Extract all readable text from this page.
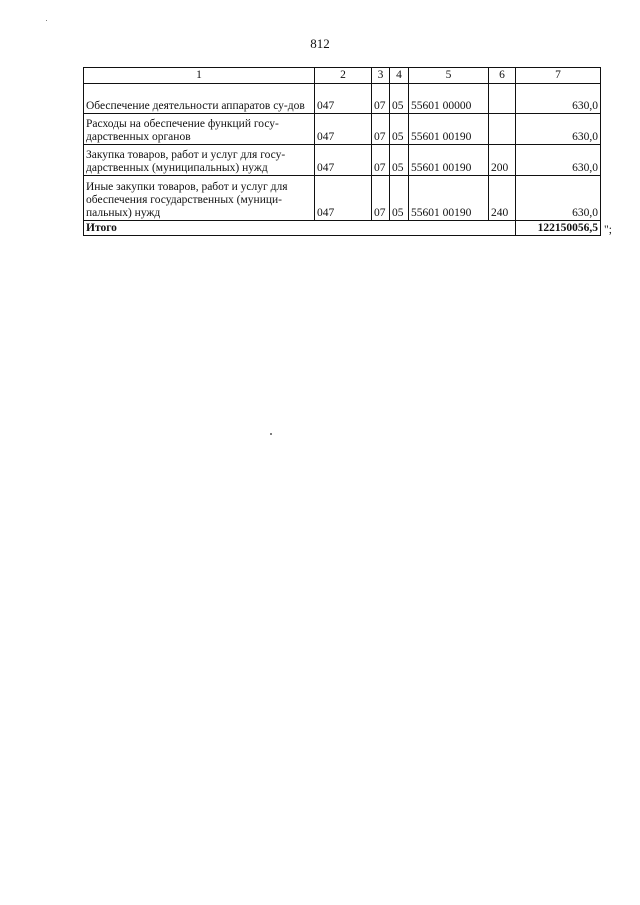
812
1	2	3	4	5	6	7
Обеспечение деятельности аппаратов су-дов	047	07	05	55601 00000		630,0
Расходы на обеспечение функций госу-дарственных органов	047	07	05	55601 00190		630,0
Закупка товаров, работ и услуг для госу-дарственных (муниципальных) нужд	047	07	05	55601 00190	200	630,0
Иные закупки товаров, работ и услуг для обеспечения государственных (муници-пальных) нужд	047	07	05	55601 00190	240	630,0
Итого						122150056,5 ";
